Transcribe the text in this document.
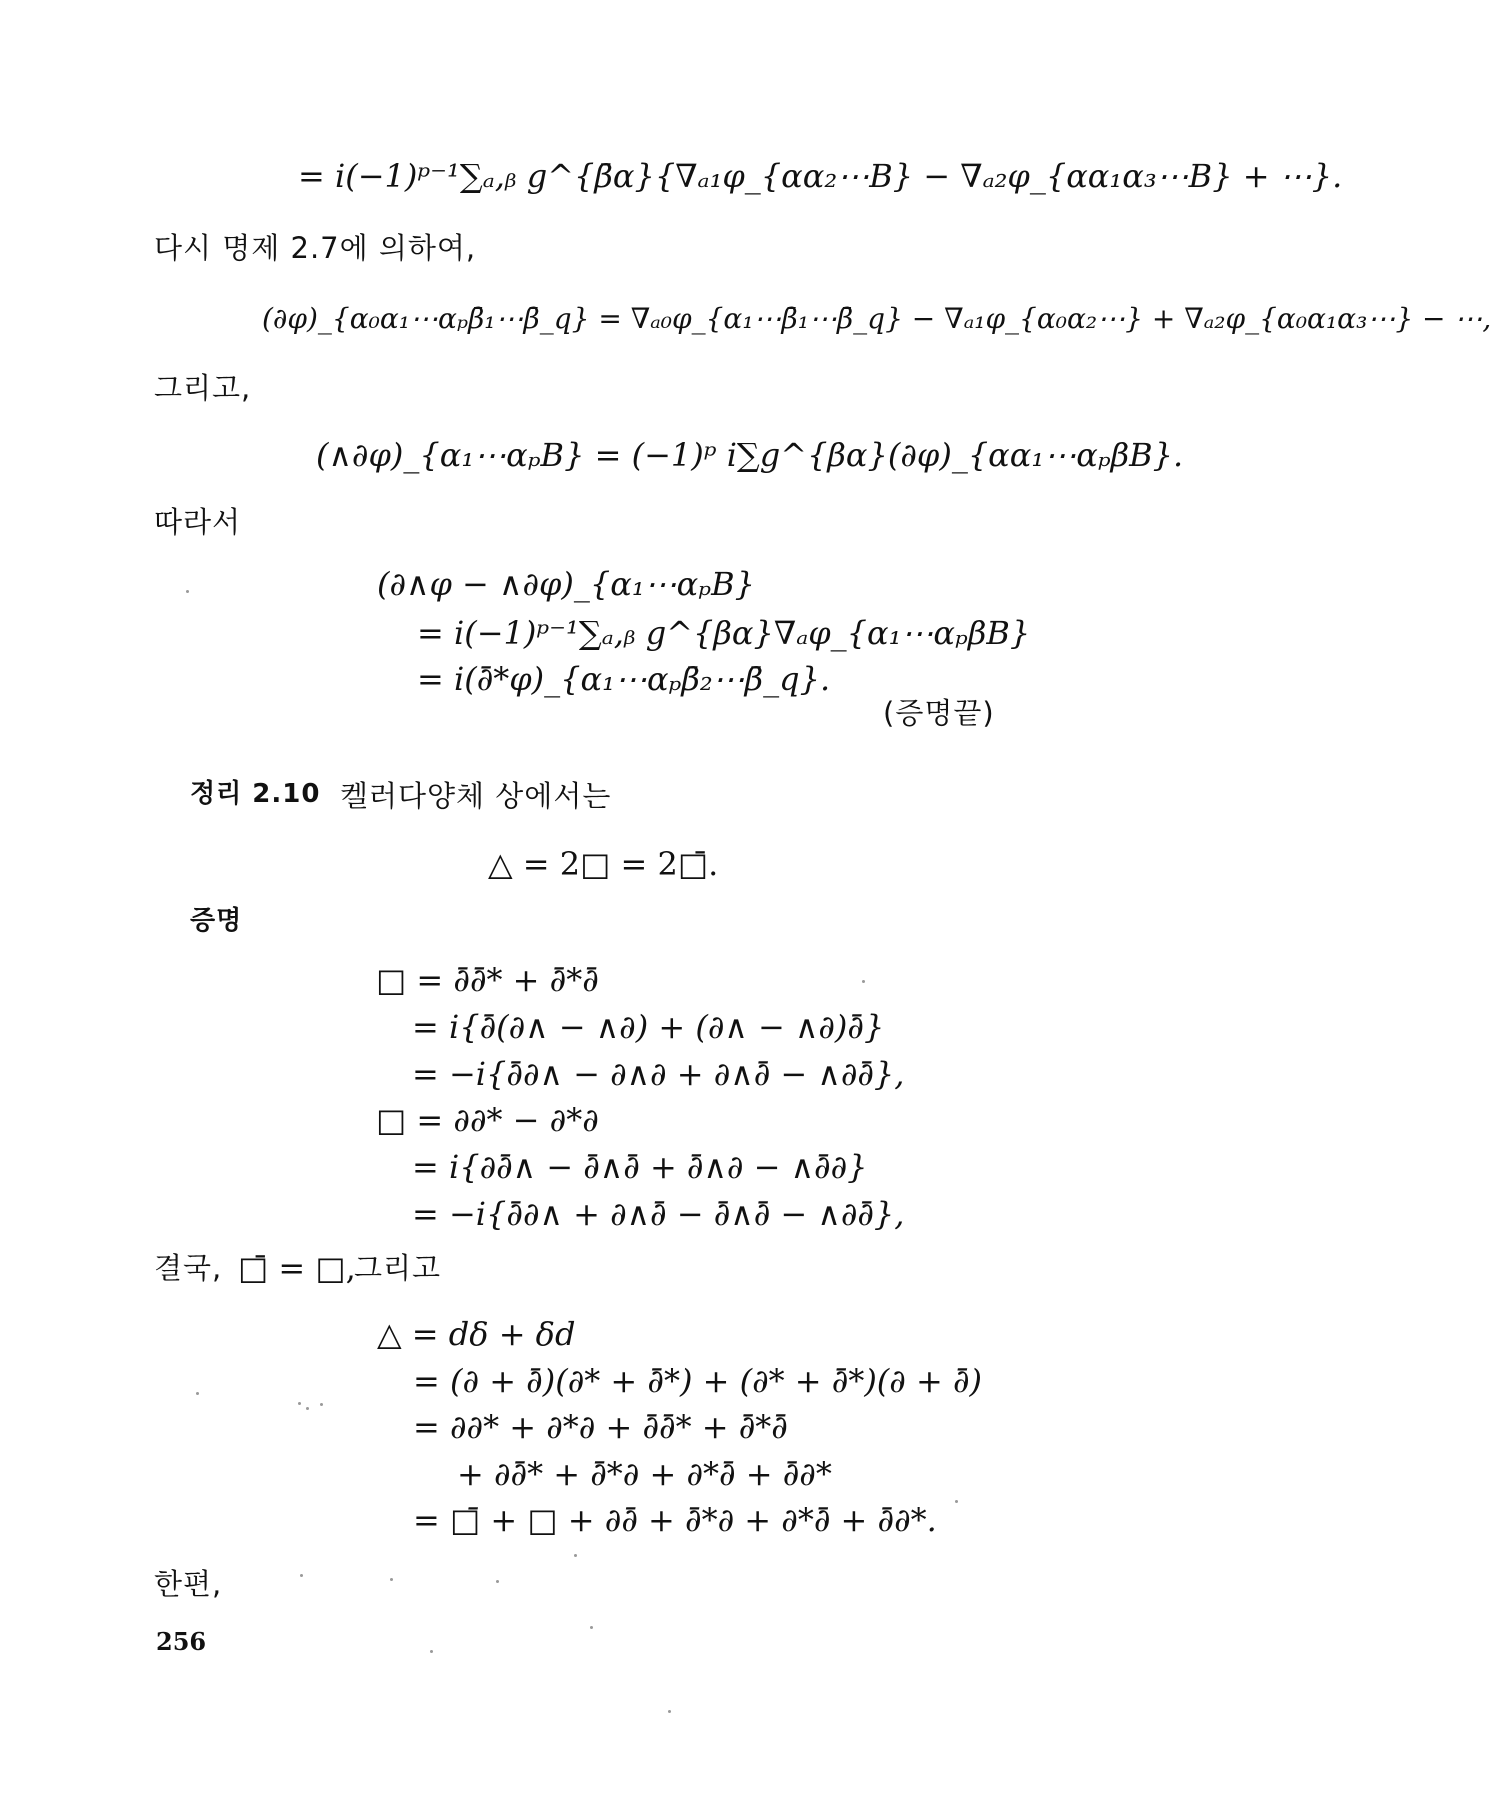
= i(−1)ᵖ⁻¹∑ₐ,ᵦ g^{β̄α}{∇ₐ₁φ_{αα₂⋯B} − ∇ₐ₂φ_{αα₁α₃⋯B} + ⋯}.
다시 명제 2.7에 의하여,
(∂φ)_{α₀α₁⋯αₚβ̄₁⋯β̄_q} = ∇ₐ₀φ_{α₁⋯β̄₁⋯β̄_q} − ∇ₐ₁φ_{α₀α₂⋯} + ∇ₐ₂φ_{α₀α₁α₃⋯} − ⋯,
그리고,
(∧∂φ)_{α₁⋯αₚB} = (−1)ᵖ i∑g^{βα}(∂φ)_{αα₁⋯αₚβB}.
따라서
(∂∧φ − ∧∂φ)_{α₁⋯αₚB}
= i(−1)ᵖ⁻¹∑ₐ,ᵦ g^{βα}∇ₐφ_{α₁⋯αₚβB}
= i(∂̄*φ)_{α₁⋯αₚβ̄₂⋯β̄_q}.
(증명끝)
정리 2.10 켈러다양체 상에서는
△ = 2□ = 2□̄.
증명
□ = ∂̄∂̄* + ∂̄*∂̄
= i{∂̄(∂∧ − ∧∂) + (∂∧ − ∧∂)∂̄}
= −i{∂̄∂∧ − ∂∧∂ + ∂∧∂̄ − ∧∂∂̄},
□ = ∂∂* − ∂*∂
= i{∂∂̄∧ − ∂̄∧∂̄ + ∂̄∧∂ − ∧∂̄∂}
= −i{∂̄∂∧ + ∂∧∂̄ − ∂̄∧∂̄ − ∧∂∂̄},
결국, □̄ = □,
그리고
△ = dδ + δd
= (∂ + ∂̄)(∂* + ∂̄*) + (∂* + ∂̄*)(∂ + ∂̄)
= ∂∂* + ∂*∂ + ∂̄∂̄* + ∂̄*∂̄
+ ∂∂̄* + ∂̄*∂ + ∂*∂̄ + ∂̄∂*
= □̄ + □ + ∂∂̄ + ∂̄*∂ + ∂*∂̄ + ∂̄∂*.
한편,
256
